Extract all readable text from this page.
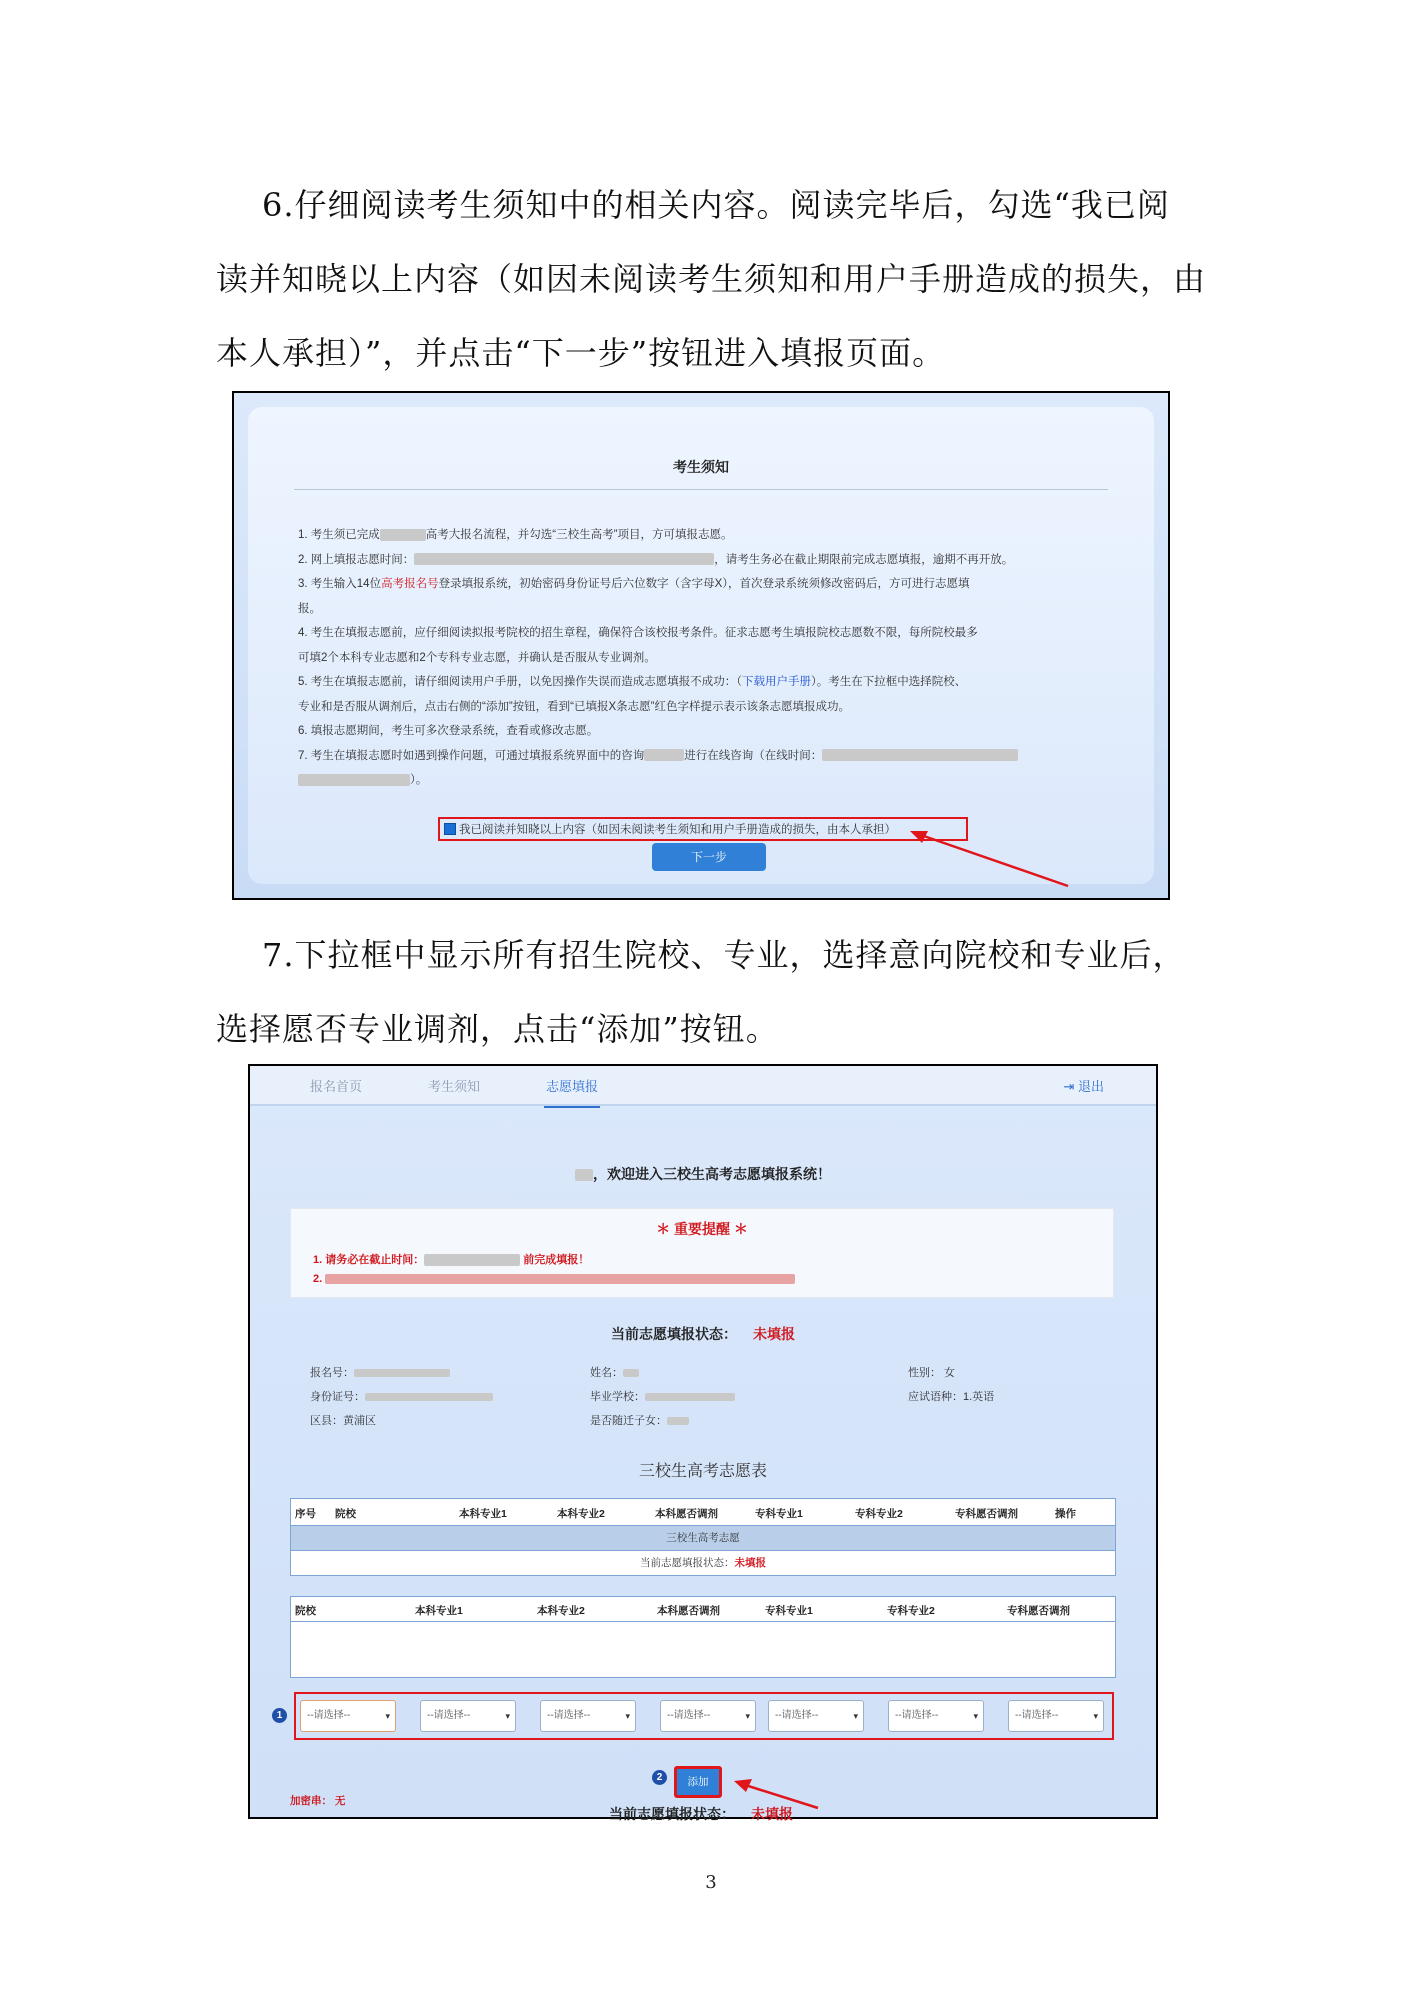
6.仔细阅读考生须知中的相关内容。阅读完毕后，勾选“我已阅
读并知晓以上内容（如因未阅读考生须知和用户手册造成的损失，由
本人承担）”，并点击“下一步”按钮进入填报页面。
考生须知
1. 考生须已完成	高考大报名流程，并勾选“三校生高考”项目，方可填报志愿。
2. 网上填报志愿时间：	，请考生务必在截止期限前完成志愿填报，逾期不再开放。
3. 考生输入14位高考报名号登录填报系统，初始密码身份证号后六位数字（含字母X），首次登录系统须修改密码后，方可进行志愿填
报。
4. 考生在填报志愿前，应仔细阅读拟报考院校的招生章程，确保符合该校报考条件。征求志愿考生填报院校志愿数不限，每所院校最多
可填2个本科专业志愿和2个专科专业志愿，并确认是否服从专业调剂。
5. 考生在填报志愿前，请仔细阅读用户手册，以免因操作失误而造成志愿填报不成功：（下载用户手册）。考生在下拉框中选择院校、
专业和是否服从调剂后，点击右侧的“添加”按钮，看到“已填报X条志愿”红色字样提示表示该条志愿填报成功。
6. 填报志愿期间，考生可多次登录系统，查看或修改志愿。
7. 考生在填报志愿时如遇到操作问题，可通过填报系统界面中的咨询	进行在线咨询（在线时间：
）。
我已阅读并知晓以上内容（如因未阅读考生须知和用户手册造成的损失，由本人承担）
下一步
7.下拉框中显示所有招生院校、专业，选择意向院校和专业后，
选择愿否专业调剂，点击“添加”按钮。
报名首页	考生须知	志愿填报	⇥ 退出
，欢迎进入三校生高考志愿填报系统！
＊ 重要提醒 ＊
1. 请务必在截止时间：	前完成填报！
2.
当前志愿填报状态： 未填报
报名号：
身份证号：
区县：黄浦区
姓名：
毕业学校：
是否随迁子女：
性别： 女
应试语种：1.英语
三校生高考志愿表
序号 院校	本科专业1	本科专业2	本科愿否调剂	专科专业1	专科专业2	专科愿否调剂	操作
三校生高考志愿
当前志愿填报状态：未填报
院校	本科专业1	本科专业2	本科愿否调剂	专科专业1	专科专业2	专科愿否调剂
1	--请选择-- ▾	--请选择-- ▾	--请选择-- ▾	--请选择-- ▾	--请选择-- ▾	--请选择-- ▾	--请选择-- ▾
2	添加
加密串： 无
当前志愿填报状态： 未填报
3
